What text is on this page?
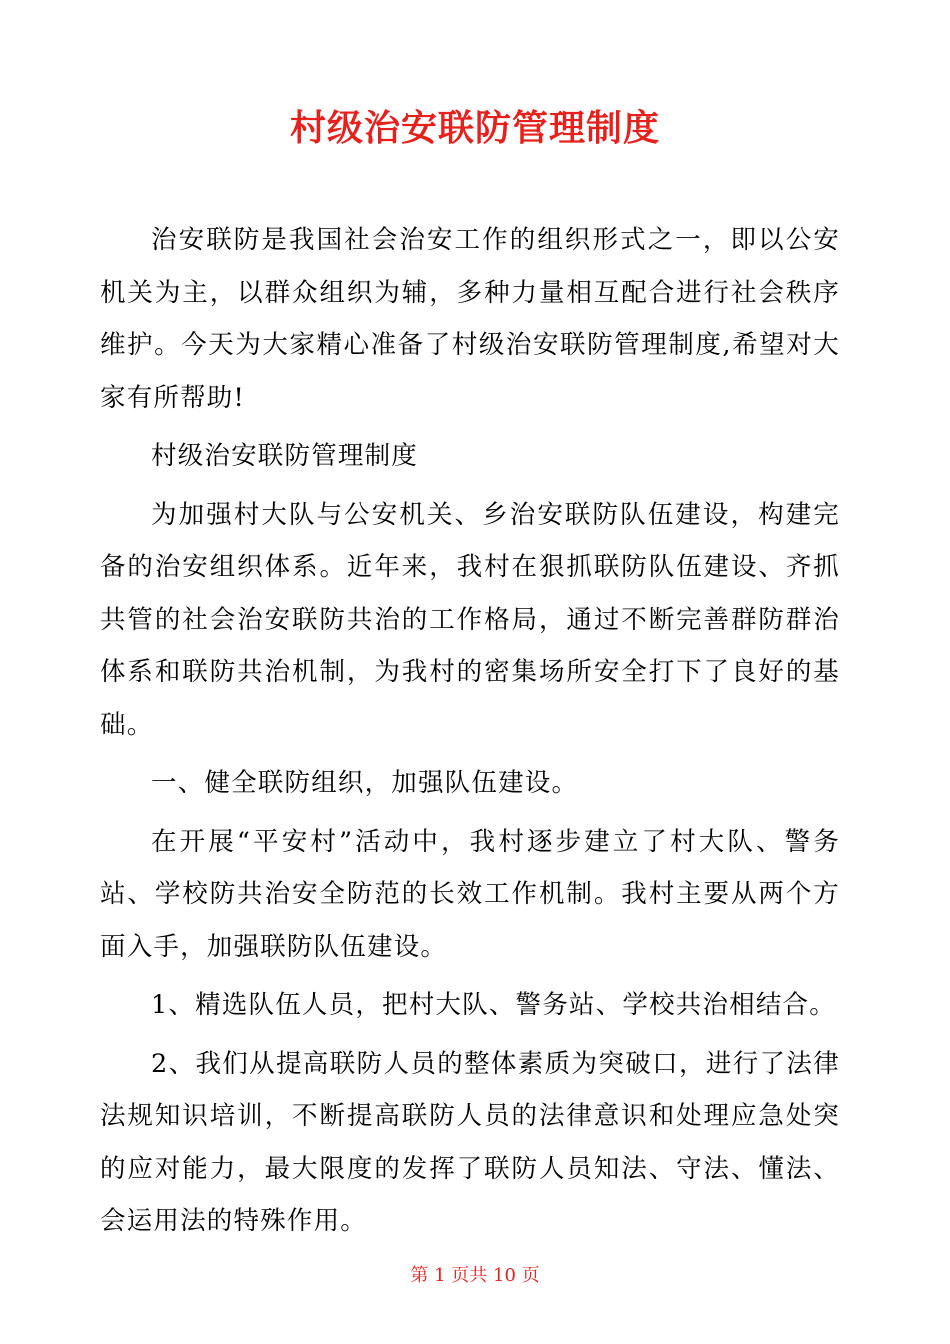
村级治安联防管理制度

治安联防是我国社会治安工作的组织形式之一，即以公安机关为主，以群众组织为辅，多种力量相互配合进行社会秩序维护。今天为大家精心准备了村级治安联防管理制度,希望对大家有所帮助!

村级治安联防管理制度

为加强村大队与公安机关、乡治安联防队伍建设，构建完备的治安组织体系。近年来，我村在狠抓联防队伍建设、齐抓共管的社会治安联防共治的工作格局，通过不断完善群防群治体系和联防共治机制，为我村的密集场所安全打下了良好的基础。

一、健全联防组织，加强队伍建设。

在开展“平安村”活动中，我村逐步建立了村大队、警务站、学校防共治安全防范的长效工作机制。我村主要从两个方面入手，加强联防队伍建设。

1、精选队伍人员，把村大队、警务站、学校共治相结合。

2、我们从提高联防人员的整体素质为突破口，进行了法律法规知识培训，不断提高联防人员的法律意识和处理应急处突的应对能力，最大限度的发挥了联防人员知法、守法、懂法、会运用法的特殊作用。

第 1 页共 10 页
